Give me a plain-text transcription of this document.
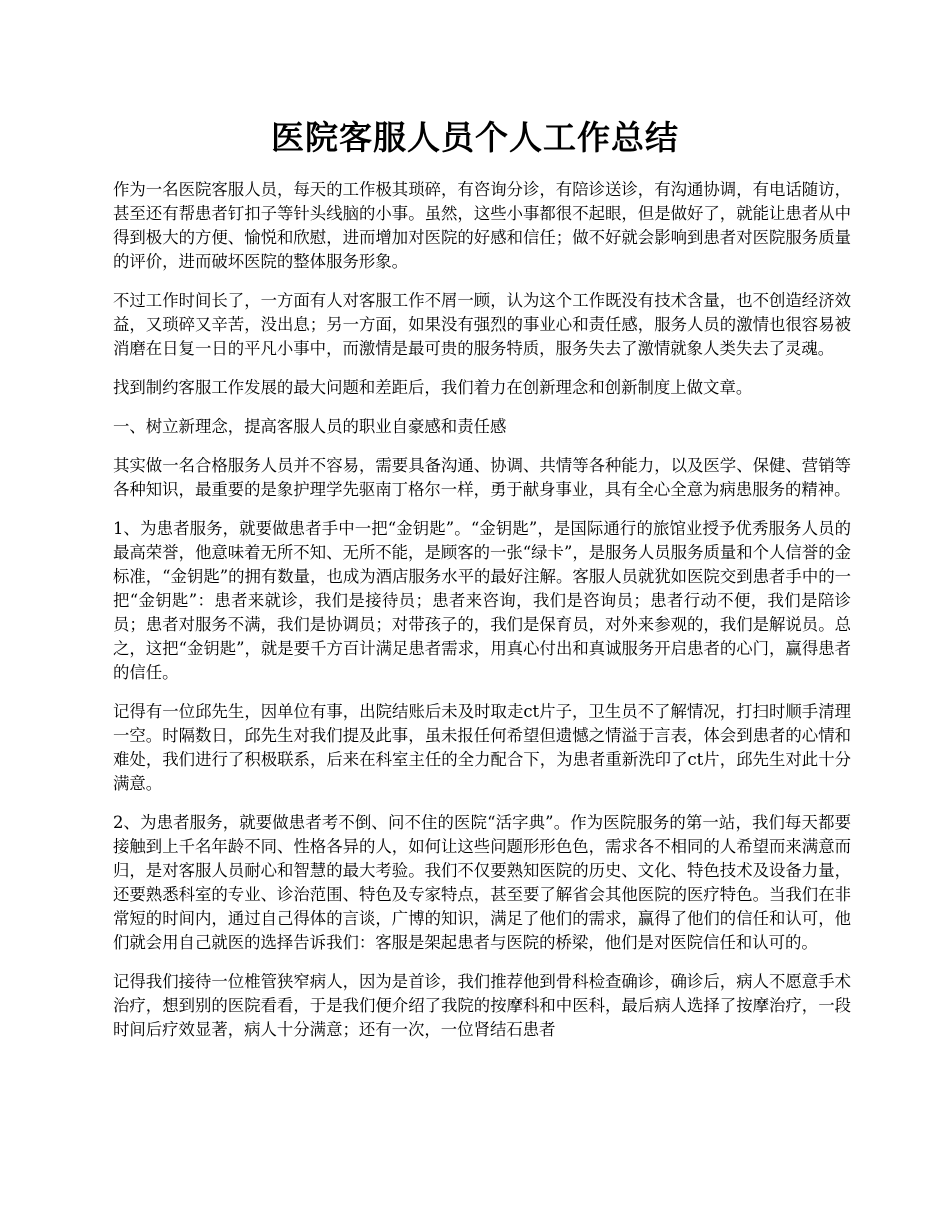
医院客服人员个人工作总结

作为一名医院客服人员，每天的工作极其琐碎，有咨询分诊，有陪诊送诊，有沟通协调，有电话随访，甚至还有帮患者钉扣子等针头线脑的小事。虽然，这些小事都很不起眼，但是做好了，就能让患者从中得到极大的方便、愉悦和欣慰，进而增加对医院的好感和信任；做不好就会影响到患者对医院服务质量的评价，进而破坏医院的整体服务形象。

不过工作时间长了，一方面有人对客服工作不屑一顾，认为这个工作既没有技术含量，也不创造经济效益，又琐碎又辛苦，没出息；另一方面，如果没有强烈的事业心和责任感，服务人员的激情也很容易被消磨在日复一日的平凡小事中，而激情是最可贵的服务特质，服务失去了激情就象人类失去了灵魂。

找到制约客服工作发展的最大问题和差距后，我们着力在创新理念和创新制度上做文章。

一、树立新理念，提高客服人员的职业自豪感和责任感

其实做一名合格服务人员并不容易，需要具备沟通、协调、共情等各种能力，以及医学、保健、营销等各种知识，最重要的是象护理学先驱南丁格尔一样，勇于献身事业，具有全心全意为病患服务的精神。

1、为患者服务，就要做患者手中一把“金钥匙”。“金钥匙”，是国际通行的旅馆业授予优秀服务人员的最高荣誉，他意味着无所不知、无所不能，是顾客的一张“绿卡”，是服务人员服务质量和个人信誉的金标准，“金钥匙”的拥有数量，也成为酒店服务水平的最好注解。客服人员就犹如医院交到患者手中的一把“金钥匙”：患者来就诊，我们是接待员；患者来咨询，我们是咨询员；患者行动不便，我们是陪诊员；患者对服务不满，我们是协调员；对带孩子的，我们是保育员，对外来参观的，我们是解说员。总之，这把“金钥匙”，就是要千方百计满足患者需求，用真心付出和真诚服务开启患者的心门，赢得患者的信任。

记得有一位邱先生，因单位有事，出院结账后未及时取走ct片子，卫生员不了解情况，打扫时顺手清理一空。时隔数日，邱先生对我们提及此事，虽未报任何希望但遗憾之情溢于言表，体会到患者的心情和难处，我们进行了积极联系，后来在科室主任的全力配合下，为患者重新洗印了ct片，邱先生对此十分满意。

2、为患者服务，就要做患者考不倒、问不住的医院“活字典”。作为医院服务的第一站，我们每天都要接触到上千名年龄不同、性格各异的人，如何让这些问题形形色色，需求各不相同的人希望而来满意而归，是对客服人员耐心和智慧的最大考验。我们不仅要熟知医院的历史、文化、特色技术及设备力量，还要熟悉科室的专业、诊治范围、特色及专家特点，甚至要了解省会其他医院的医疗特色。当我们在非常短的时间内，通过自己得体的言谈，广博的知识，满足了他们的需求，赢得了他们的信任和认可，他们就会用自己就医的选择告诉我们：客服是架起患者与医院的桥梁，他们是对医院信任和认可的。

记得我们接待一位椎管狭窄病人，因为是首诊，我们推荐他到骨科检查确诊，确诊后，病人不愿意手术治疗，想到别的医院看看，于是我们便介绍了我院的按摩科和中医科，最后病人选择了按摩治疗，一段时间后疗效显著，病人十分满意；还有一次，一位肾结石患者
